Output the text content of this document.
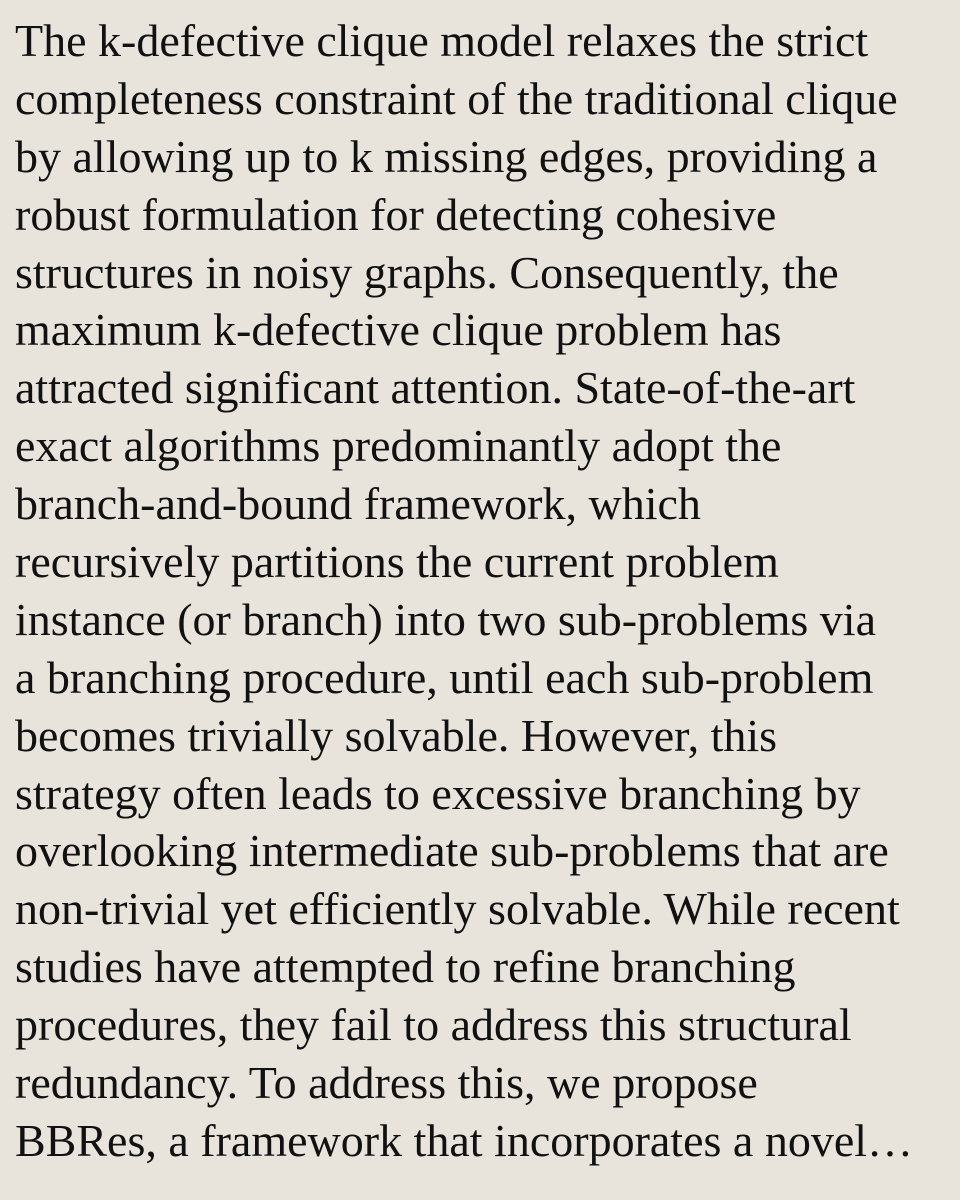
The k-defective clique model relaxes the strict
completeness constraint of the traditional clique
by allowing up to k missing edges, providing a
robust formulation for detecting cohesive
structures in noisy graphs. Consequently, the
maximum k-defective clique problem has
attracted significant attention. State-of-the-art
exact algorithms predominantly adopt the
branch-and-bound framework, which
recursively partitions the current problem
instance (or branch) into two sub-problems via
a branching procedure, until each sub-problem
becomes trivially solvable. However, this
strategy often leads to excessive branching by
overlooking intermediate sub-problems that are
non-trivial yet efficiently solvable. While recent
studies have attempted to refine branching
procedures, they fail to address this structural
redundancy. To address this, we propose
BBRes, a framework that incorporates a novel…
